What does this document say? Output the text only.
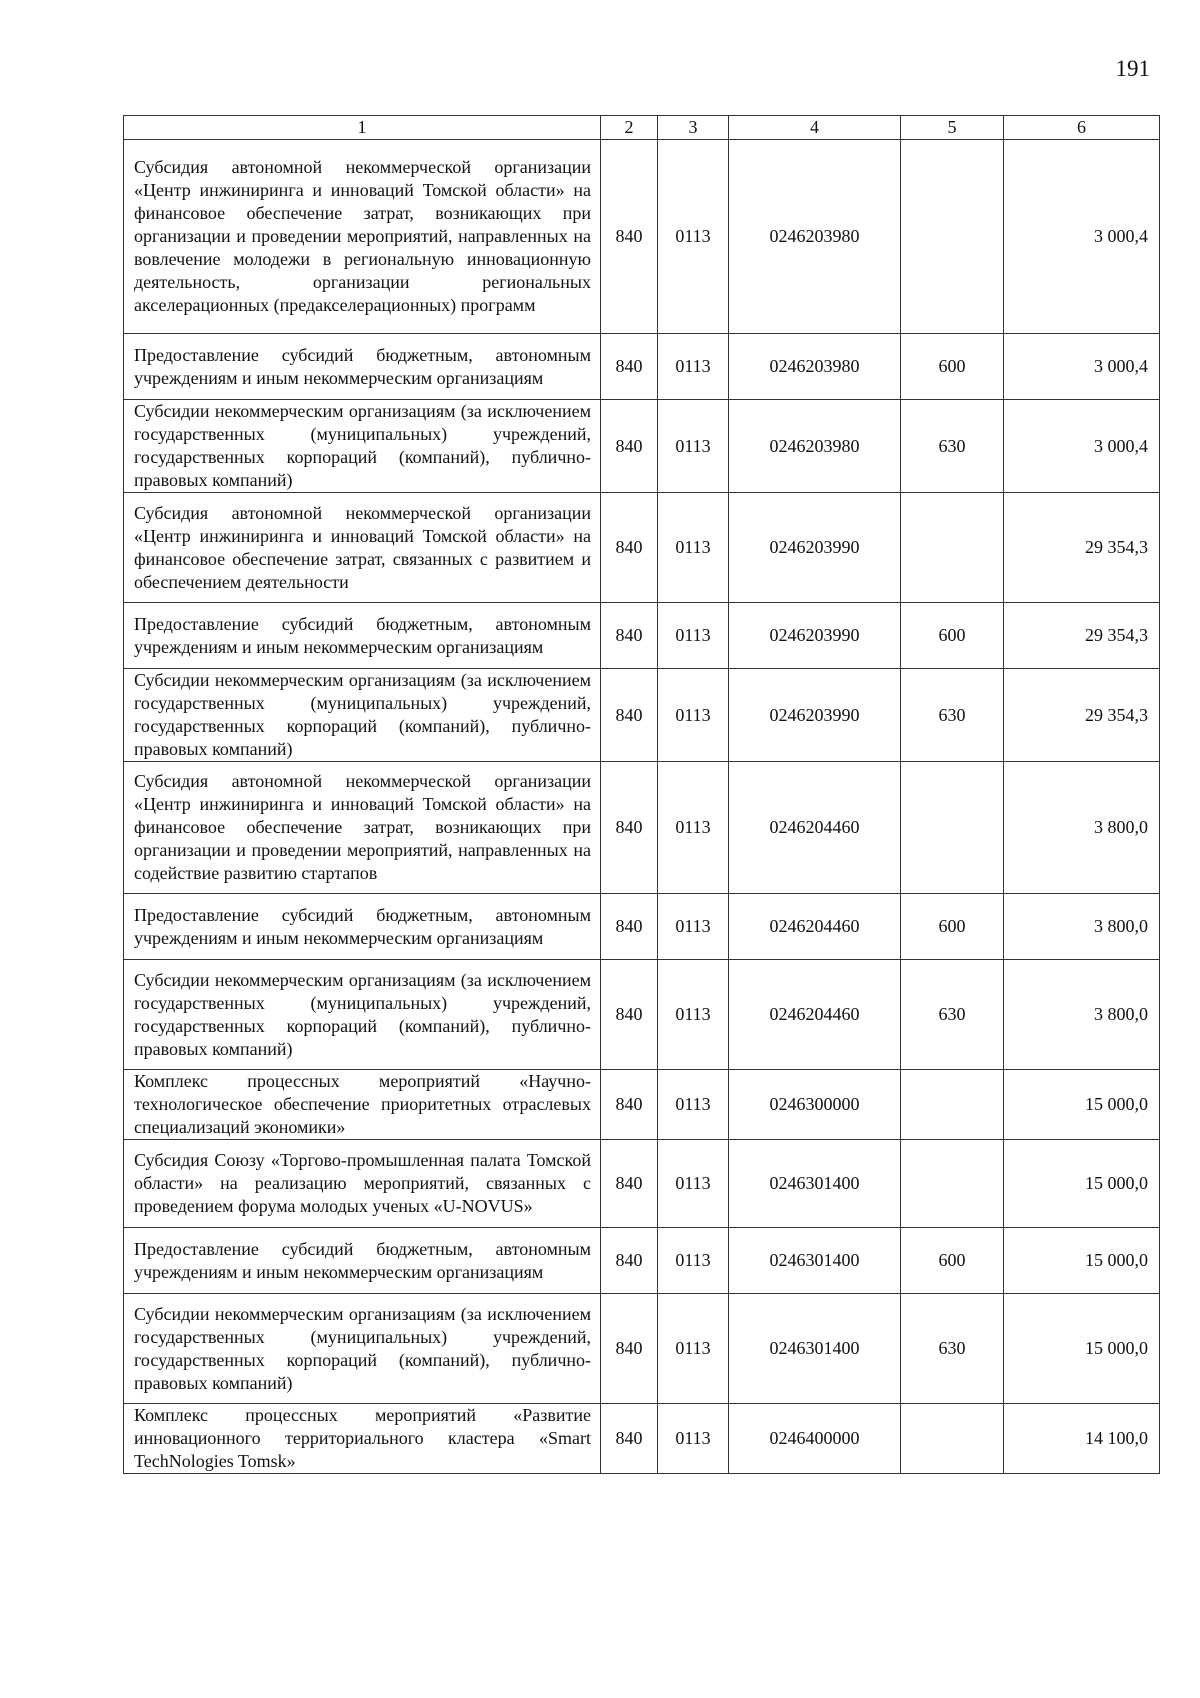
191
1	2	3	4	5	6
Субсидия автономной некоммерческой организации «Центр инжиниринга и инноваций Томской области» на финансовое обеспечение затрат, возникающих при организации и проведении мероприятий, направленных на вовлечение молодежи в региональную инновационную деятельность, организации региональных акселерационных (предакселерационных) программ	840	0113	0246203980		3 000,4
Предоставление субсидий бюджетным, автономным учреждениям и иным некоммерческим организациям	840	0113	0246203980	600	3 000,4
Субсидии некоммерческим организациям (за исключением государственных (муниципальных) учреждений, государственных корпораций (компаний), публично-правовых компаний)	840	0113	0246203980	630	3 000,4
Субсидия автономной некоммерческой организации «Центр инжиниринга и инноваций Томской области» на финансовое обеспечение затрат, связанных с развитием и обеспечением деятельности	840	0113	0246203990		29 354,3
Предоставление субсидий бюджетным, автономным учреждениям и иным некоммерческим организациям	840	0113	0246203990	600	29 354,3
Субсидии некоммерческим организациям (за исключением государственных (муниципальных) учреждений, государственных корпораций (компаний), публично-правовых компаний)	840	0113	0246203990	630	29 354,3
Субсидия автономной некоммерческой организации «Центр инжиниринга и инноваций Томской области» на финансовое обеспечение затрат, возникающих при организации и проведении мероприятий, направленных на содействие развитию стартапов	840	0113	0246204460		3 800,0
Предоставление субсидий бюджетным, автономным учреждениям и иным некоммерческим организациям	840	0113	0246204460	600	3 800,0
Субсидии некоммерческим организациям (за исключением государственных (муниципальных) учреждений, государственных корпораций (компаний), публично-правовых компаний)	840	0113	0246204460	630	3 800,0
Комплекс процессных мероприятий «Научно-технологическое обеспечение приоритетных отраслевых специализаций экономики»	840	0113	0246300000		15 000,0
Субсидия Союзу «Торгово-промышленная палата Томской области» на реализацию мероприятий, связанных с проведением форума молодых ученых «U-NOVUS»	840	0113	0246301400		15 000,0
Предоставление субсидий бюджетным, автономным учреждениям и иным некоммерческим организациям	840	0113	0246301400	600	15 000,0
Субсидии некоммерческим организациям (за исключением государственных (муниципальных) учреждений, государственных корпораций (компаний), публично-правовых компаний)	840	0113	0246301400	630	15 000,0
Комплекс процессных мероприятий «Развитие инновационного территориального кластера «Smart TechNologies Tomsk»	840	0113	0246400000		14 100,0
